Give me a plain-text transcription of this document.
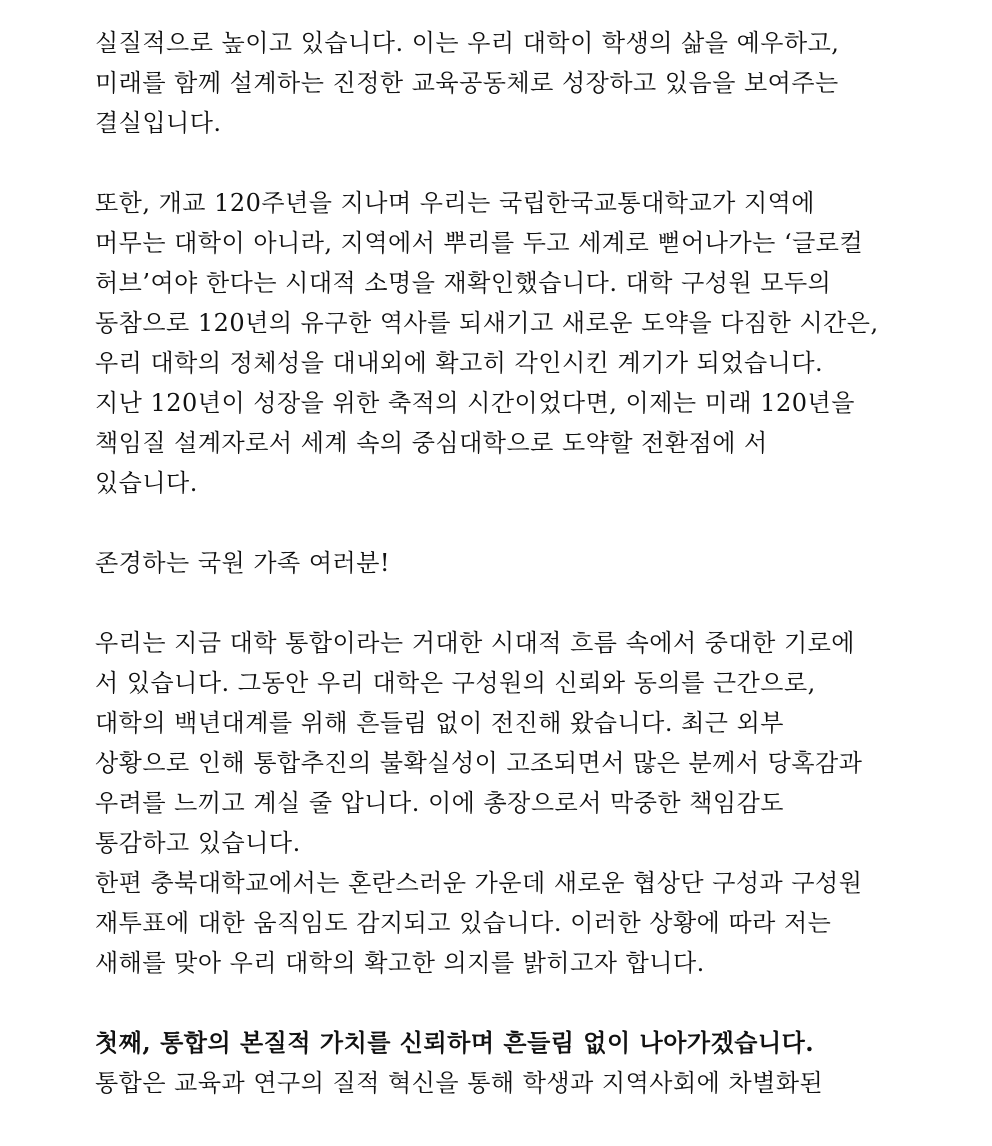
실질적으로 높이고 있습니다. 이는 우리 대학이 학생의 삶을 예우하고,
미래를 함께 설계하는 진정한 교육공동체로 성장하고 있음을 보여주는
결실입니다.
또한, 개교 120주년을 지나며 우리는 국립한국교통대학교가 지역에
머무는 대학이 아니라, 지역에서 뿌리를 두고 세계로 뻗어나가는 ‘글로컬
허브’여야 한다는 시대적 소명을 재확인했습니다. 대학 구성원 모두의
동참으로 120년의 유구한 역사를 되새기고 새로운 도약을 다짐한 시간은,
우리 대학의 정체성을 대내외에 확고히 각인시킨 계기가 되었습니다.
지난 120년이 성장을 위한 축적의 시간이었다면, 이제는 미래 120년을
책임질 설계자로서 세계 속의 중심대학으로 도약할 전환점에 서
있습니다.
존경하는 국원 가족 여러분!
우리는 지금 대학 통합이라는 거대한 시대적 흐름 속에서 중대한 기로에
서 있습니다. 그동안 우리 대학은 구성원의 신뢰와 동의를 근간으로,
대학의 백년대계를 위해 흔들림 없이 전진해 왔습니다. 최근 외부
상황으로 인해 통합추진의 불확실성이 고조되면서 많은 분께서 당혹감과
우려를 느끼고 계실 줄 압니다. 이에 총장으로서 막중한 책임감도
통감하고 있습니다.
한편 충북대학교에서는 혼란스러운 가운데 새로운 협상단 구성과 구성원
재투표에 대한 움직임도 감지되고 있습니다. 이러한 상황에 따라 저는
새해를 맞아 우리 대학의 확고한 의지를 밝히고자 합니다.
첫째, 통합의 본질적 가치를 신뢰하며 흔들림 없이 나아가겠습니다.
통합은 교육과 연구의 질적 혁신을 통해 학생과 지역사회에 차별화된
